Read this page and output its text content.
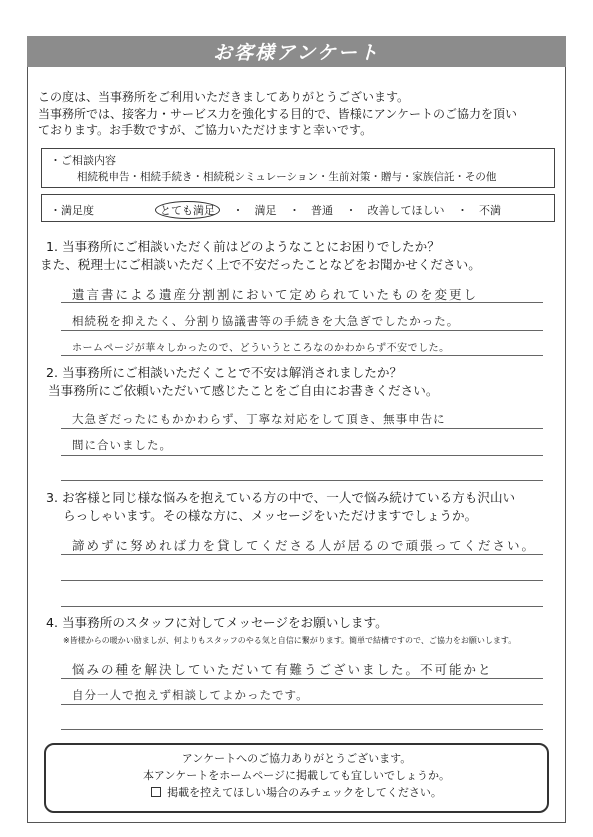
お客様アンケート
この度は、当事務所をご利用いただきましてありがとうございます。
当事務所では、接客力・サービス力を強化する目的で、皆様にアンケートのご協力を頂い
ております。お手数ですが、ご協力いただけますと幸いです。
・ご相談内容
相続税申告・相続手続き・相続税シミュレーション・生前対策・贈与・家族信託・その他
・満足度	とても満足 ・　満足 ・　普通 ・　改善してほしい ・　不満
1. 当事務所にご相談いただく前はどのようなことにお困りでしたか？
また、税理士にご相談いただく上で不安だったことなどをお聞かせください。
遺言書による遺産分割割において定められていたものを変更し
相続税を抑えたく、分割り協議書等の手続きを大急ぎでしたかった。
ホームページが華々しかったので、どういうところなのかわからず不安でした。
2. 当事務所にご相談いただくことで不安は解消されましたか？
当事務所にご依頼いただいて感じたことをご自由にお書きください。
大急ぎだったにもかかわらず、丁寧な対応をして頂き、無事申告に
間に合いました。
3. お客様と同じ様な悩みを抱えている方の中で、一人で悩み続けている方も沢山い
らっしゃいます。その様な方に、メッセージをいただけますでしょうか。
諦めずに努めれば力を貸してくださる人が居るので頑張ってください。
4. 当事務所のスタッフに対してメッセージをお願いします。
※皆様からの暖かい励ましが、何よりもスタッフのやる気と自信に繋がります。簡単で結構ですので、ご協力をお願いします。
悩みの種を解決していただいて有難うございました。不可能かと
自分一人で抱えず相談してよかったです。
アンケートへのご協力ありがとうございます。
本アンケートをホームページに掲載しても宜しいでしょうか。
掲載を控えてほしい場合のみチェックをしてください。
